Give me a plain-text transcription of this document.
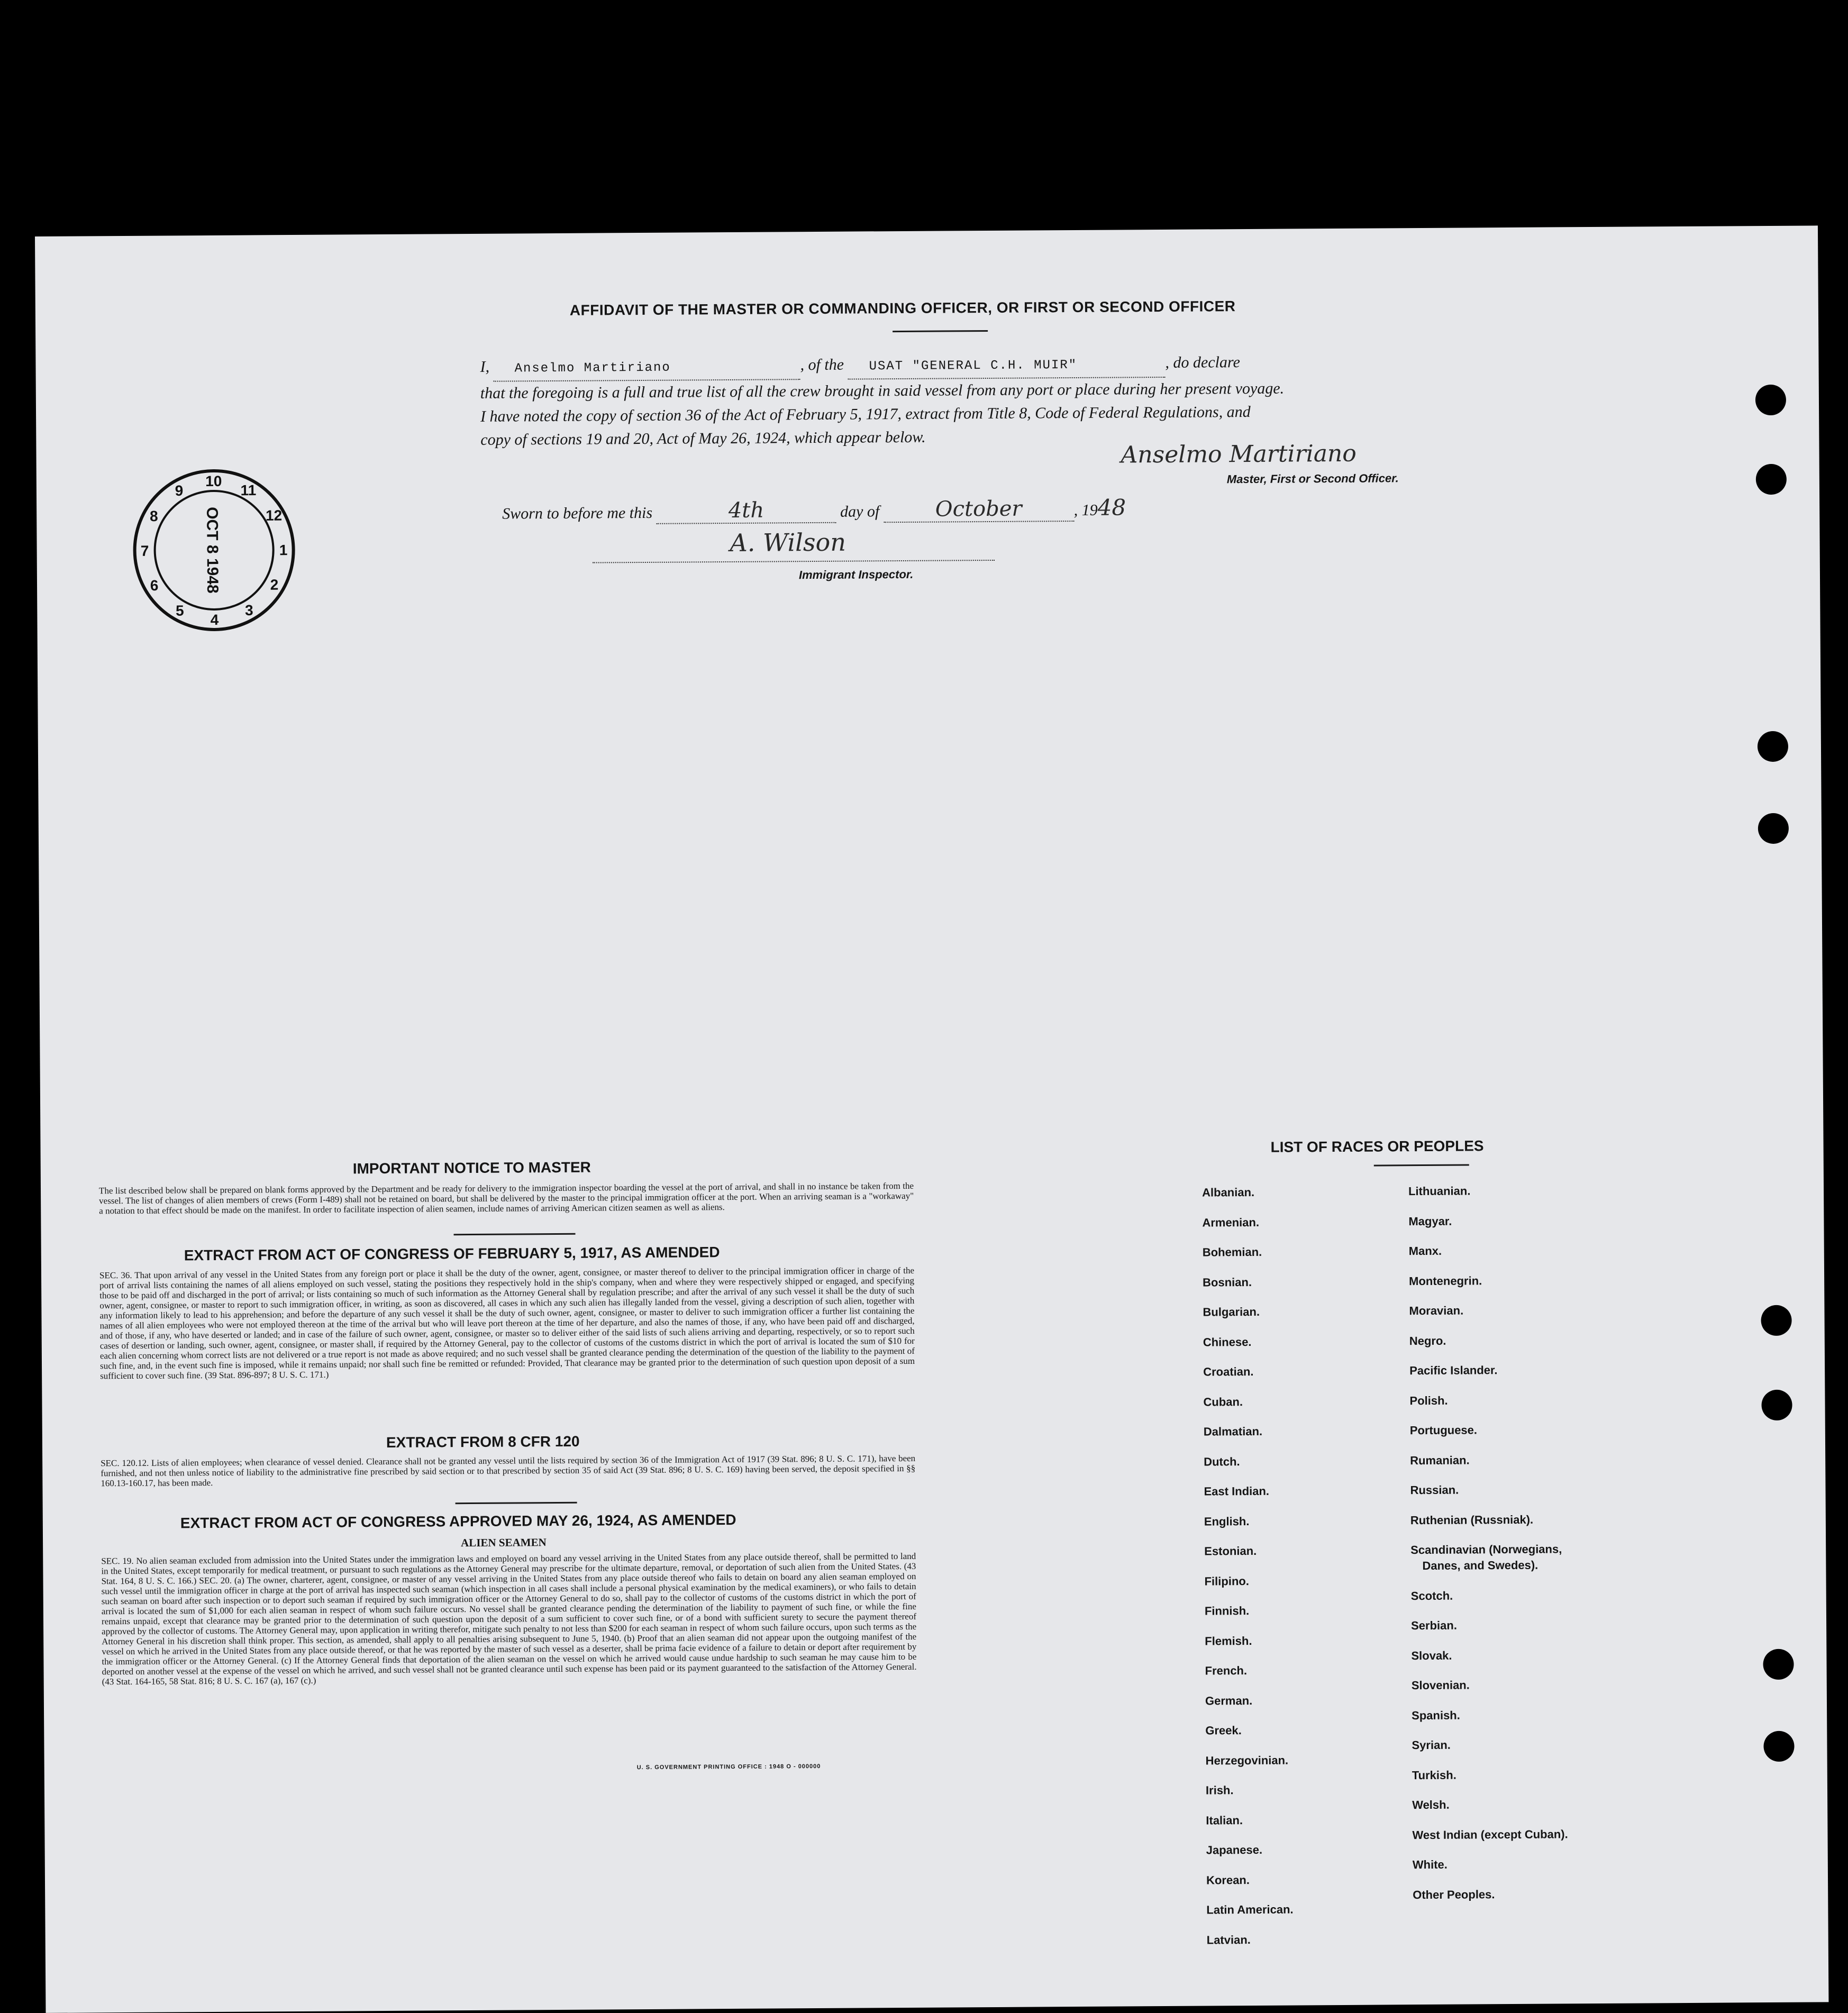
AFFIDAVIT OF THE MASTER OR COMMANDING OFFICER, OR FIRST OR SECOND OFFICER
I, Anselmo Martiriano	, of the USAT "GENERAL C.H. MUIR"	, do declare
that the foregoing is a full and true list of all the crew brought in said vessel from any port or place during her present voyage.
I have noted the copy of section 36 of the Act of February 5, 1917, extract from Title 8, Code of Federal Regulations, and
copy of sections 19 and 20, Act of May 26, 1924, which appear below.
Anselmo Martiriano
Master, First or Second Officer.
Sworn to before me this	4th	day of	October	, 1948
A. Wilson
Immigrant Inspector.
1
2
3
4
5
6
7
8
9
10
11
12
OCT 8 1948
IMPORTANT NOTICE TO MASTER
The list described below shall be prepared on blank forms approved by the Department and be ready for delivery to the immigration inspector boarding the vessel at the port of arrival, and shall in no instance be taken from the vessel. The list of changes of alien members of crews (Form I-489) shall not be retained on board, but shall be delivered by the master to the principal immigration officer at the port. When an arriving seaman is a "workaway" a notation to that effect should be made on the manifest. In order to facilitate inspection of alien seamen, include names of arriving American citizen seamen as well as aliens.
EXTRACT FROM ACT OF CONGRESS OF FEBRUARY 5, 1917, AS AMENDED
SEC. 36. That upon arrival of any vessel in the United States from any foreign port or place it shall be the duty of the owner, agent, consignee, or master thereof to deliver to the principal immigration officer in charge of the port of arrival lists containing the names of all aliens employed on such vessel, stating the positions they respectively hold in the ship's company, when and where they were respectively shipped or engaged, and specifying those to be paid off and discharged in the port of arrival; or lists containing so much of such information as the Attorney General shall by regulation prescribe; and after the arrival of any such vessel it shall be the duty of such owner, agent, consignee, or master to report to such immigration officer, in writing, as soon as discovered, all cases in which any such alien has illegally landed from the vessel, giving a description of such alien, together with any information likely to lead to his apprehension; and before the departure of any such vessel it shall be the duty of such owner, agent, consignee, or master to deliver to such immigration officer a further list containing the names of all alien employees who were not employed thereon at the time of the arrival but who will leave port thereon at the time of her departure, and also the names of those, if any, who have been paid off and discharged, and of those, if any, who have deserted or landed; and in case of the failure of such owner, agent, consignee, or master so to deliver either of the said lists of such aliens arriving and departing, respectively, or so to report such cases of desertion or landing, such owner, agent, consignee, or master shall, if required by the Attorney General, pay to the collector of customs of the customs district in which the port of arrival is located the sum of $10 for each alien concerning whom correct lists are not delivered or a true report is not made as above required; and no such vessel shall be granted clearance pending the determination of the question of the liability to the payment of such fine, and, in the event such fine is imposed, while it remains unpaid; nor shall such fine be remitted or refunded: Provided, That clearance may be granted prior to the determination of such question upon deposit of a sum sufficient to cover such fine. (39 Stat. 896-897; 8 U. S. C. 171.)
EXTRACT FROM 8 CFR 120
SEC. 120.12. Lists of alien employees; when clearance of vessel denied. Clearance shall not be granted any vessel until the lists required by section 36 of the Immigration Act of 1917 (39 Stat. 896; 8 U. S. C. 171), have been furnished, and not then unless notice of liability to the administrative fine prescribed by said section or to that prescribed by section 35 of said Act (39 Stat. 896; 8 U. S. C. 169) having been served, the deposit specified in §§ 160.13-160.17, has been made.
EXTRACT FROM ACT OF CONGRESS APPROVED MAY 26, 1924, AS AMENDED
ALIEN SEAMEN
SEC. 19. No alien seaman excluded from admission into the United States under the immigration laws and employed on board any vessel arriving in the United States from any place outside thereof, shall be permitted to land in the United States, except temporarily for medical treatment, or pursuant to such regulations as the Attorney General may prescribe for the ultimate departure, removal, or deportation of such alien from the United States. (43 Stat. 164, 8 U. S. C. 166.) SEC. 20. (a) The owner, charterer, agent, consignee, or master of any vessel arriving in the United States from any place outside thereof who fails to detain on board any alien seaman employed on such vessel until the immigration officer in charge at the port of arrival has inspected such seaman (which inspection in all cases shall include a personal physical examination by the medical examiners), or who fails to detain such seaman on board after such inspection or to deport such seaman if required by such immigration officer or the Attorney General to do so, shall pay to the collector of customs of the customs district in which the port of arrival is located the sum of $1,000 for each alien seaman in respect of whom such failure occurs. No vessel shall be granted clearance pending the determination of the liability to payment of such fine, or while the fine remains unpaid, except that clearance may be granted prior to the determination of such question upon the deposit of a sum sufficient to cover such fine, or of a bond with sufficient surety to secure the payment thereof approved by the collector of customs. The Attorney General may, upon application in writing therefor, mitigate such penalty to not less than $200 for each seaman in respect of whom such failure occurs, upon such terms as the Attorney General in his discretion shall think proper. This section, as amended, shall apply to all penalties arising subsequent to June 5, 1940. (b) Proof that an alien seaman did not appear upon the outgoing manifest of the vessel on which he arrived in the United States from any place outside thereof, or that he was reported by the master of such vessel as a deserter, shall be prima facie evidence of a failure to detain or deport after requirement by the immigration officer or the Attorney General. (c) If the Attorney General finds that deportation of the alien seaman on the vessel on which he arrived would cause undue hardship to such seaman he may cause him to be deported on another vessel at the expense of the vessel on which he arrived, and such vessel shall not be granted clearance until such expense has been paid or its payment guaranteed to the satisfaction of the Attorney General. (43 Stat. 164-165, 58 Stat. 816; 8 U. S. C. 167 (a), 167 (c).)
U. S. GOVERNMENT PRINTING OFFICE : 1948 O - 000000
LIST OF RACES OR PEOPLES
Albanian.
Armenian.
Bohemian.
Bosnian.
Bulgarian.
Chinese.
Croatian.
Cuban.
Dalmatian.
Dutch.
East Indian.
English.
Estonian.
Filipino.
Finnish.
Flemish.
French.
German.
Greek.
Herzegovinian.
Irish.
Italian.
Japanese.
Korean.
Latin American.
Latvian.
Lithuanian.
Magyar.
Manx.
Montenegrin.
Moravian.
Negro.
Pacific Islander.
Polish.
Portuguese.
Rumanian.
Russian.
Ruthenian (Russniak).
Scandinavian (Norwegians,
Danes, and Swedes).
Scotch.
Serbian.
Slovak.
Slovenian.
Spanish.
Syrian.
Turkish.
Welsh.
West Indian (except Cuban).
White.
Other Peoples.
